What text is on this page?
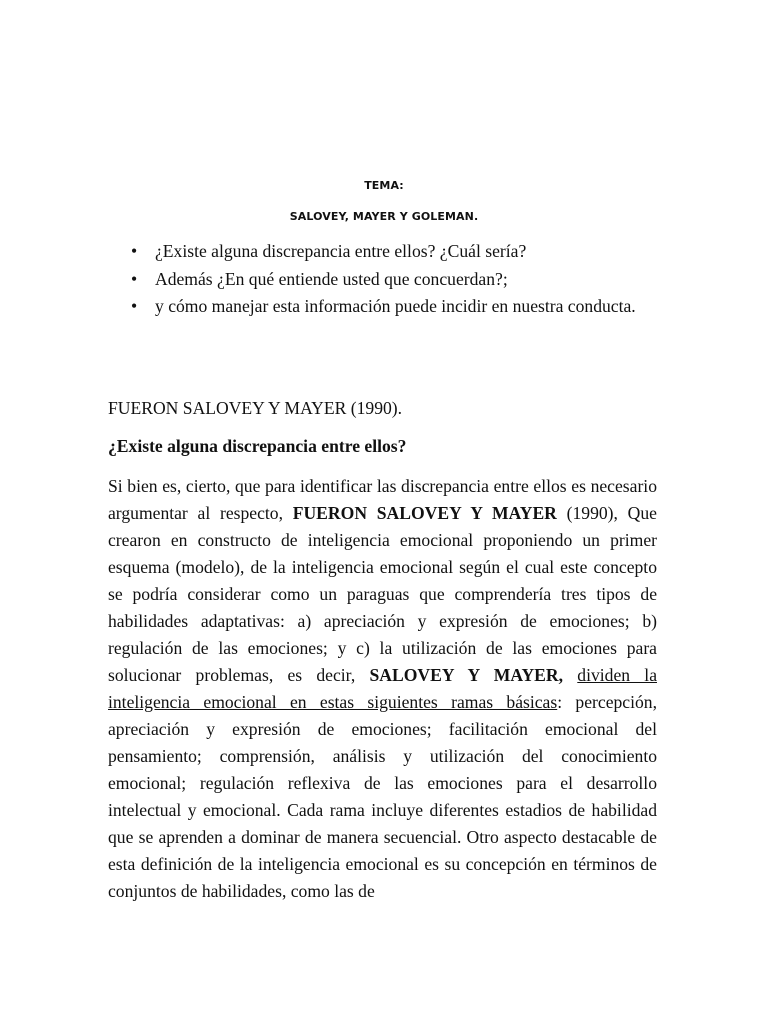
TEMA:
SALOVEY, MAYER Y GOLEMAN.
• ¿Existe alguna discrepancia entre ellos? ¿Cuál sería?
• Además ¿En qué entiende usted que concuerdan?;
• y cómo manejar esta información puede incidir en nuestra conducta.
FUERON SALOVEY Y MAYER (1990).
¿Existe alguna discrepancia entre ellos?

Si bien es, cierto, que para identificar las discrepancia entre ellos es necesario argumentar al respecto, FUERON SALOVEY Y MAYER (1990), Que crearon en constructo de inteligencia emocional proponiendo un primer esquema (modelo), de la inteligencia emocional según el cual este concepto se podría considerar como un paraguas que comprendería tres tipos de habilidades adaptativas: a) apreciación y expresión de emociones; b) regulación de las emociones; y c) la utilización de las emociones para solucionar problemas, es decir, SALOVEY Y MAYER, dividen la inteligencia emocional en estas siguientes ramas básicas: percepción, apreciación y expresión de emociones; facilitación emocional del pensamiento; comprensión, análisis y utilización del conocimiento emocional; regulación reflexiva de las emociones para el desarrollo intelectual y emocional. Cada rama incluye diferentes estadios de habilidad que se aprenden a dominar de manera secuencial. Otro aspecto destacable de esta definición de la inteligencia emocional es su concepción en términos de conjuntos de habilidades, como las de
